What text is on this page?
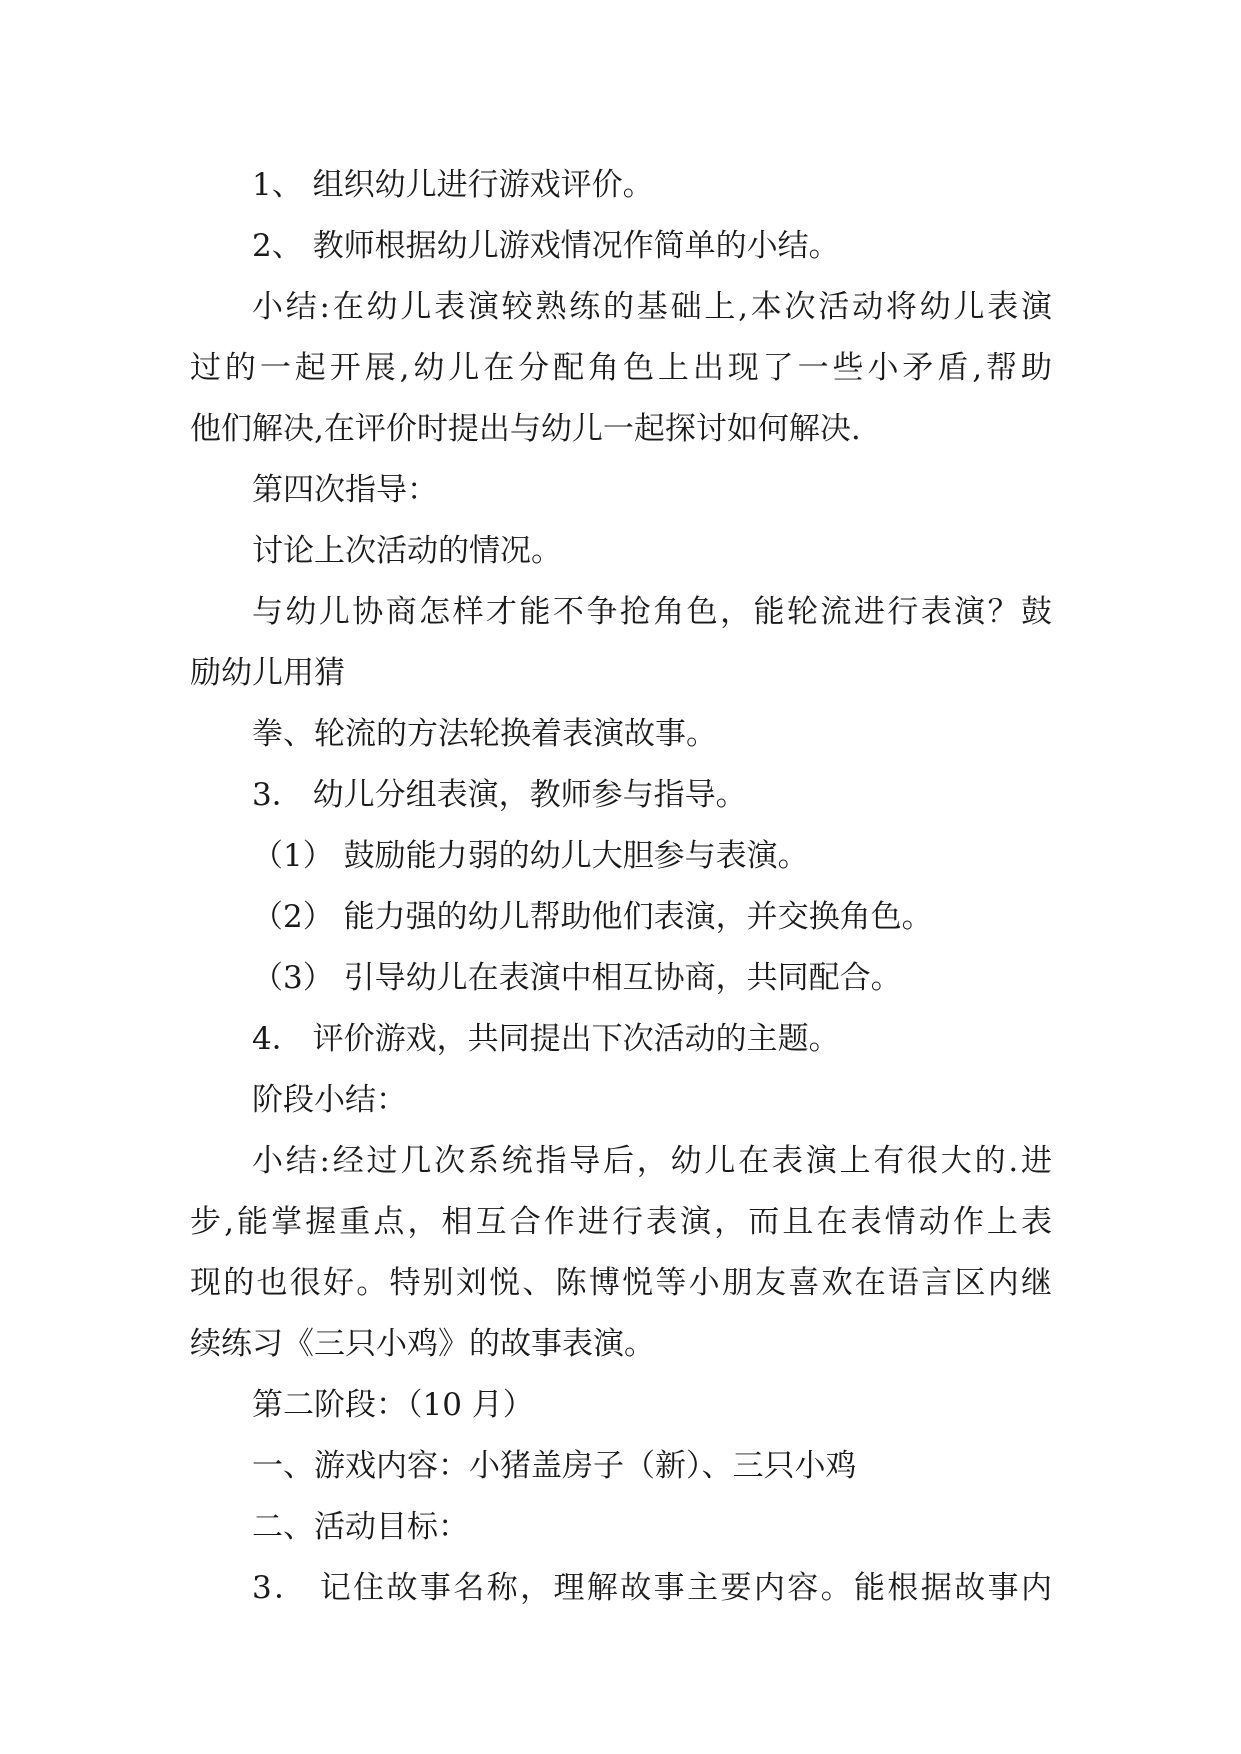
1、 组织幼儿进行游戏评价。

2、 教师根据幼儿游戏情况作简单的小结。

小结:在幼儿表演较熟练的基础上,本次活动将幼儿表演

过的一起开展,幼儿在分配角色上出现了一些小矛盾,帮助

他们解决,在评价时提出与幼儿一起探讨如何解决.

第四次指导：

讨论上次活动的情况。

与幼儿协商怎样才能不争抢角色，能轮流进行表演？鼓

励幼儿用猜

拳、轮流的方法轮换着表演故事。

3． 幼儿分组表演，教师参与指导。

（1） 鼓励能力弱的幼儿大胆参与表演。

（2） 能力强的幼儿帮助他们表演，并交换角色。

（3） 引导幼儿在表演中相互协商，共同配合。

4． 评价游戏，共同提出下次活动的主题。

阶段小结：

小结:经过几次系统指导后，幼儿在表演上有很大的.进

步,能掌握重点，相互合作进行表演，而且在表情动作上表

现的也很好。特别刘悦、陈博悦等小朋友喜欢在语言区内继

续练习《三只小鸡》的故事表演。

第二阶段：（10 月）

一、游戏内容：小猪盖房子（新）、三只小鸡

二、活动目标：

3． 记住故事名称，理解故事主要内容。能根据故事内
